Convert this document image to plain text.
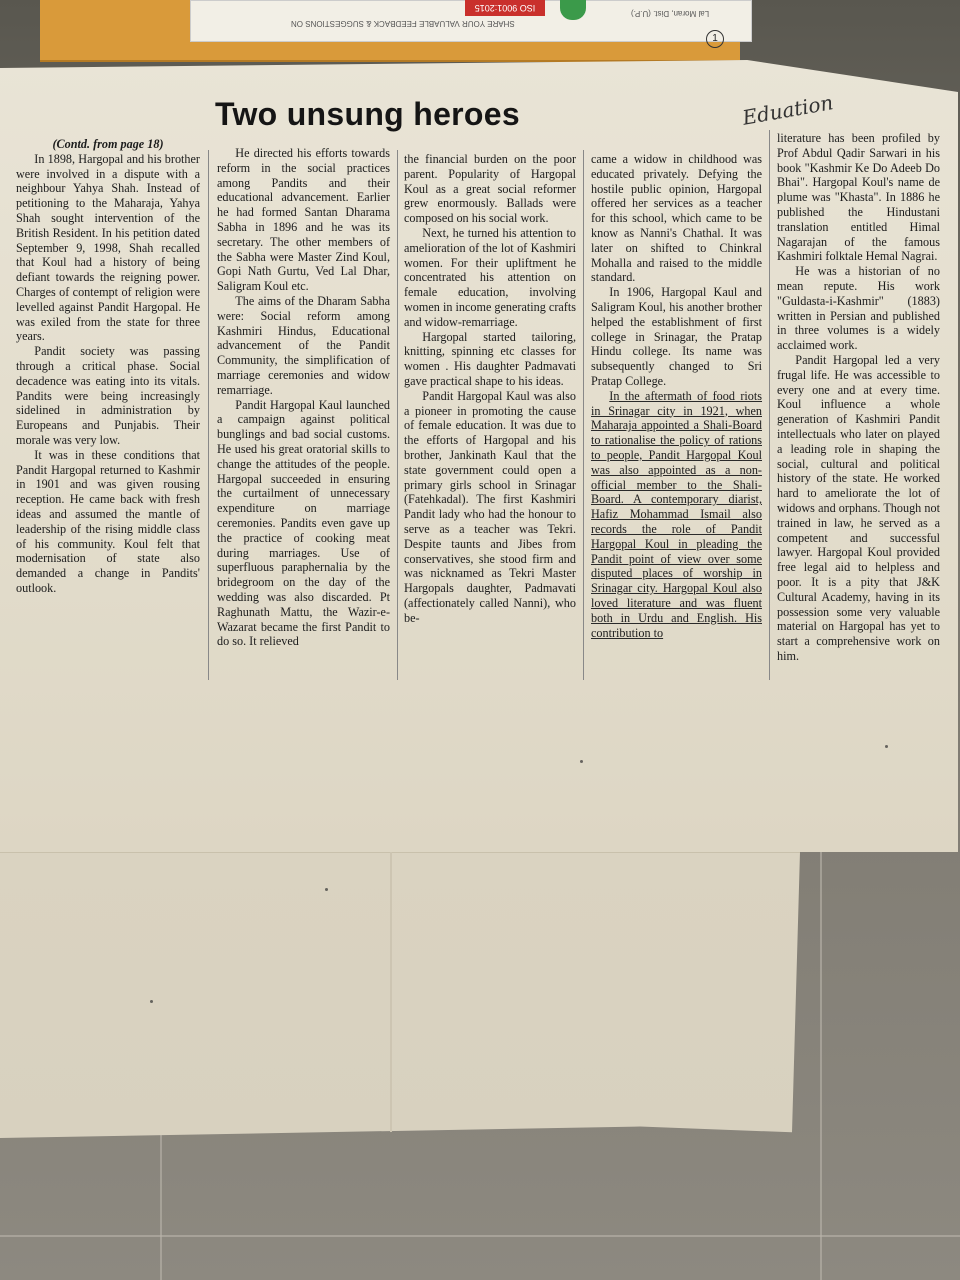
Lal Moran, Dist. (U.P.)
SHARE YOUR VALUABLE FEEDBACK & SUGGESTIONS ON
ISO 9001:2015
1
Two unsung heroes	Eduation

(Contd. from page 18)

In 1898, Hargopal and his brother were involved in a dispute with a neighbour Yahya Shah. Instead of petitioning to the Maharaja, Yahya Shah sought intervention of the British Resident. In his petition dated September 9, 1998, Shah recalled that Koul had a history of being defiant towards the reigning power. Charges of contempt of religion were levelled against Pandit Hargopal. He was exiled from the state for three years.

Pandit society was passing through a critical phase. Social decadence was eating into its vitals. Pandits were being increasingly sidelined in administration by Europeans and Punjabis. Their morale was very low.

It was in these conditions that Pandit Hargopal returned to Kashmir in 1901 and was given rousing reception. He came back with fresh ideas and assumed the mantle of leadership of the rising middle class of his community. Koul felt that modernisation of state also demanded a change in Pandits' outlook.

He directed his efforts towards reform in the social practices among Pandits and their educational advancement. Earlier he had formed Santan Dharama Sabha in 1896 and he was its secretary. The other members of the Sabha were Master Zind Koul, Gopi Nath Gurtu, Ved Lal Dhar, Saligram Koul etc.

The aims of the Dharam Sabha were: Social reform among Kashmiri Hindus, Educational advancement of the Pandit Community, the simplification of marriage ceremonies and widow remarriage.

Pandit Hargopal Kaul launched a campaign against political bunglings and bad social customs. He used his great oratorial skills to change the attitudes of the people. Hargopal succeeded in ensuring the curtailment of unnecessary expenditure on marriage ceremonies. Pandits even gave up the practice of cooking meat during marriages. Use of superfluous paraphernalia by the bridegroom on the day of the wedding was also discarded. Pt Raghunath Mattu, the Wazir-e-Wazarat became the first Pandit to do so. It relieved

the financial burden on the poor parent. Popularity of Hargopal Koul as a great social reformer grew enormously. Ballads were composed on his social work.

Next, he turned his attention to amelioration of the lot of Kashmiri women. For their upliftment he concentrated his attention on female education, involving women in income generating crafts and widow-remarriage.

Hargopal started tailoring, knitting, spinning etc classes for women . His daughter Padmavati gave practical shape to his ideas.

Pandit Hargopal Kaul was also a pioneer in promoting the cause of female education. It was due to the efforts of Hargopal and his brother, Jankinath Kaul that the state government could open a primary girls school in Srinagar (Fatehkadal). The first Kashmiri Pandit lady who had the honour to serve as a teacher was Tekri. Despite taunts and Jibes from conservatives, she stood firm and was nicknamed as Tekri Master Hargopals daughter, Padmavati (affectionately called Nanni), who be-

came a widow in childhood was educated privately. Defying the hostile public opinion, Hargopal offered her services as a teacher for this school, which came to be know as Nanni's Chathal. It was later on shifted to Chinkral Mohalla and raised to the middle standard.

In 1906, Hargopal Kaul and Saligram Koul, his another brother helped the establishment of first college in Srinagar, the Pratap Hindu college. Its name was subsequently changed to Sri Pratap College.

In the aftermath of food riots in Srinagar city in 1921, when Maharaja appointed a Shali-Board to rationalise the policy of rations to people, Pandit Hargopal Koul was also appointed as a non-official member to the Shali-Board. A contemporary diarist, Hafiz Mohammad Ismail also records the role of Pandit Hargopal Koul in pleading the Pandit point of view over some disputed places of worship in Srinagar city. Hargopal Koul also loved literature and was fluent both in Urdu and English. His contribution to

literature has been profiled by Prof Abdul Qadir Sarwari in his book "Kashmir Ke Do Adeeb Do Bhai". Hargopal Koul's name de plume was "Khasta". In 1886 he published the Hindustani translation entitled Himal Nagarajan of the famous Kashmiri folktale Hemal Nagrai.

He was a historian of no mean repute. His work "Guldasta-i-Kashmir" (1883) written in Persian and published in three volumes is a widely acclaimed work.

Pandit Hargopal led a very frugal life. He was accessible to every one and at every time. Koul influence a whole generation of Kashmiri Pandit intellectuals who later on played a leading role in shaping the social, cultural and political history of the state. He worked hard to ameliorate the lot of widows and orphans. Though not trained in law, he served as a competent and successful lawyer. Hargopal Koul provided free legal aid to helpless and poor. It is a pity that J&K Cultural Academy, having in its possession some very valuable material on Hargopal has yet to start a comprehensive work on him.
